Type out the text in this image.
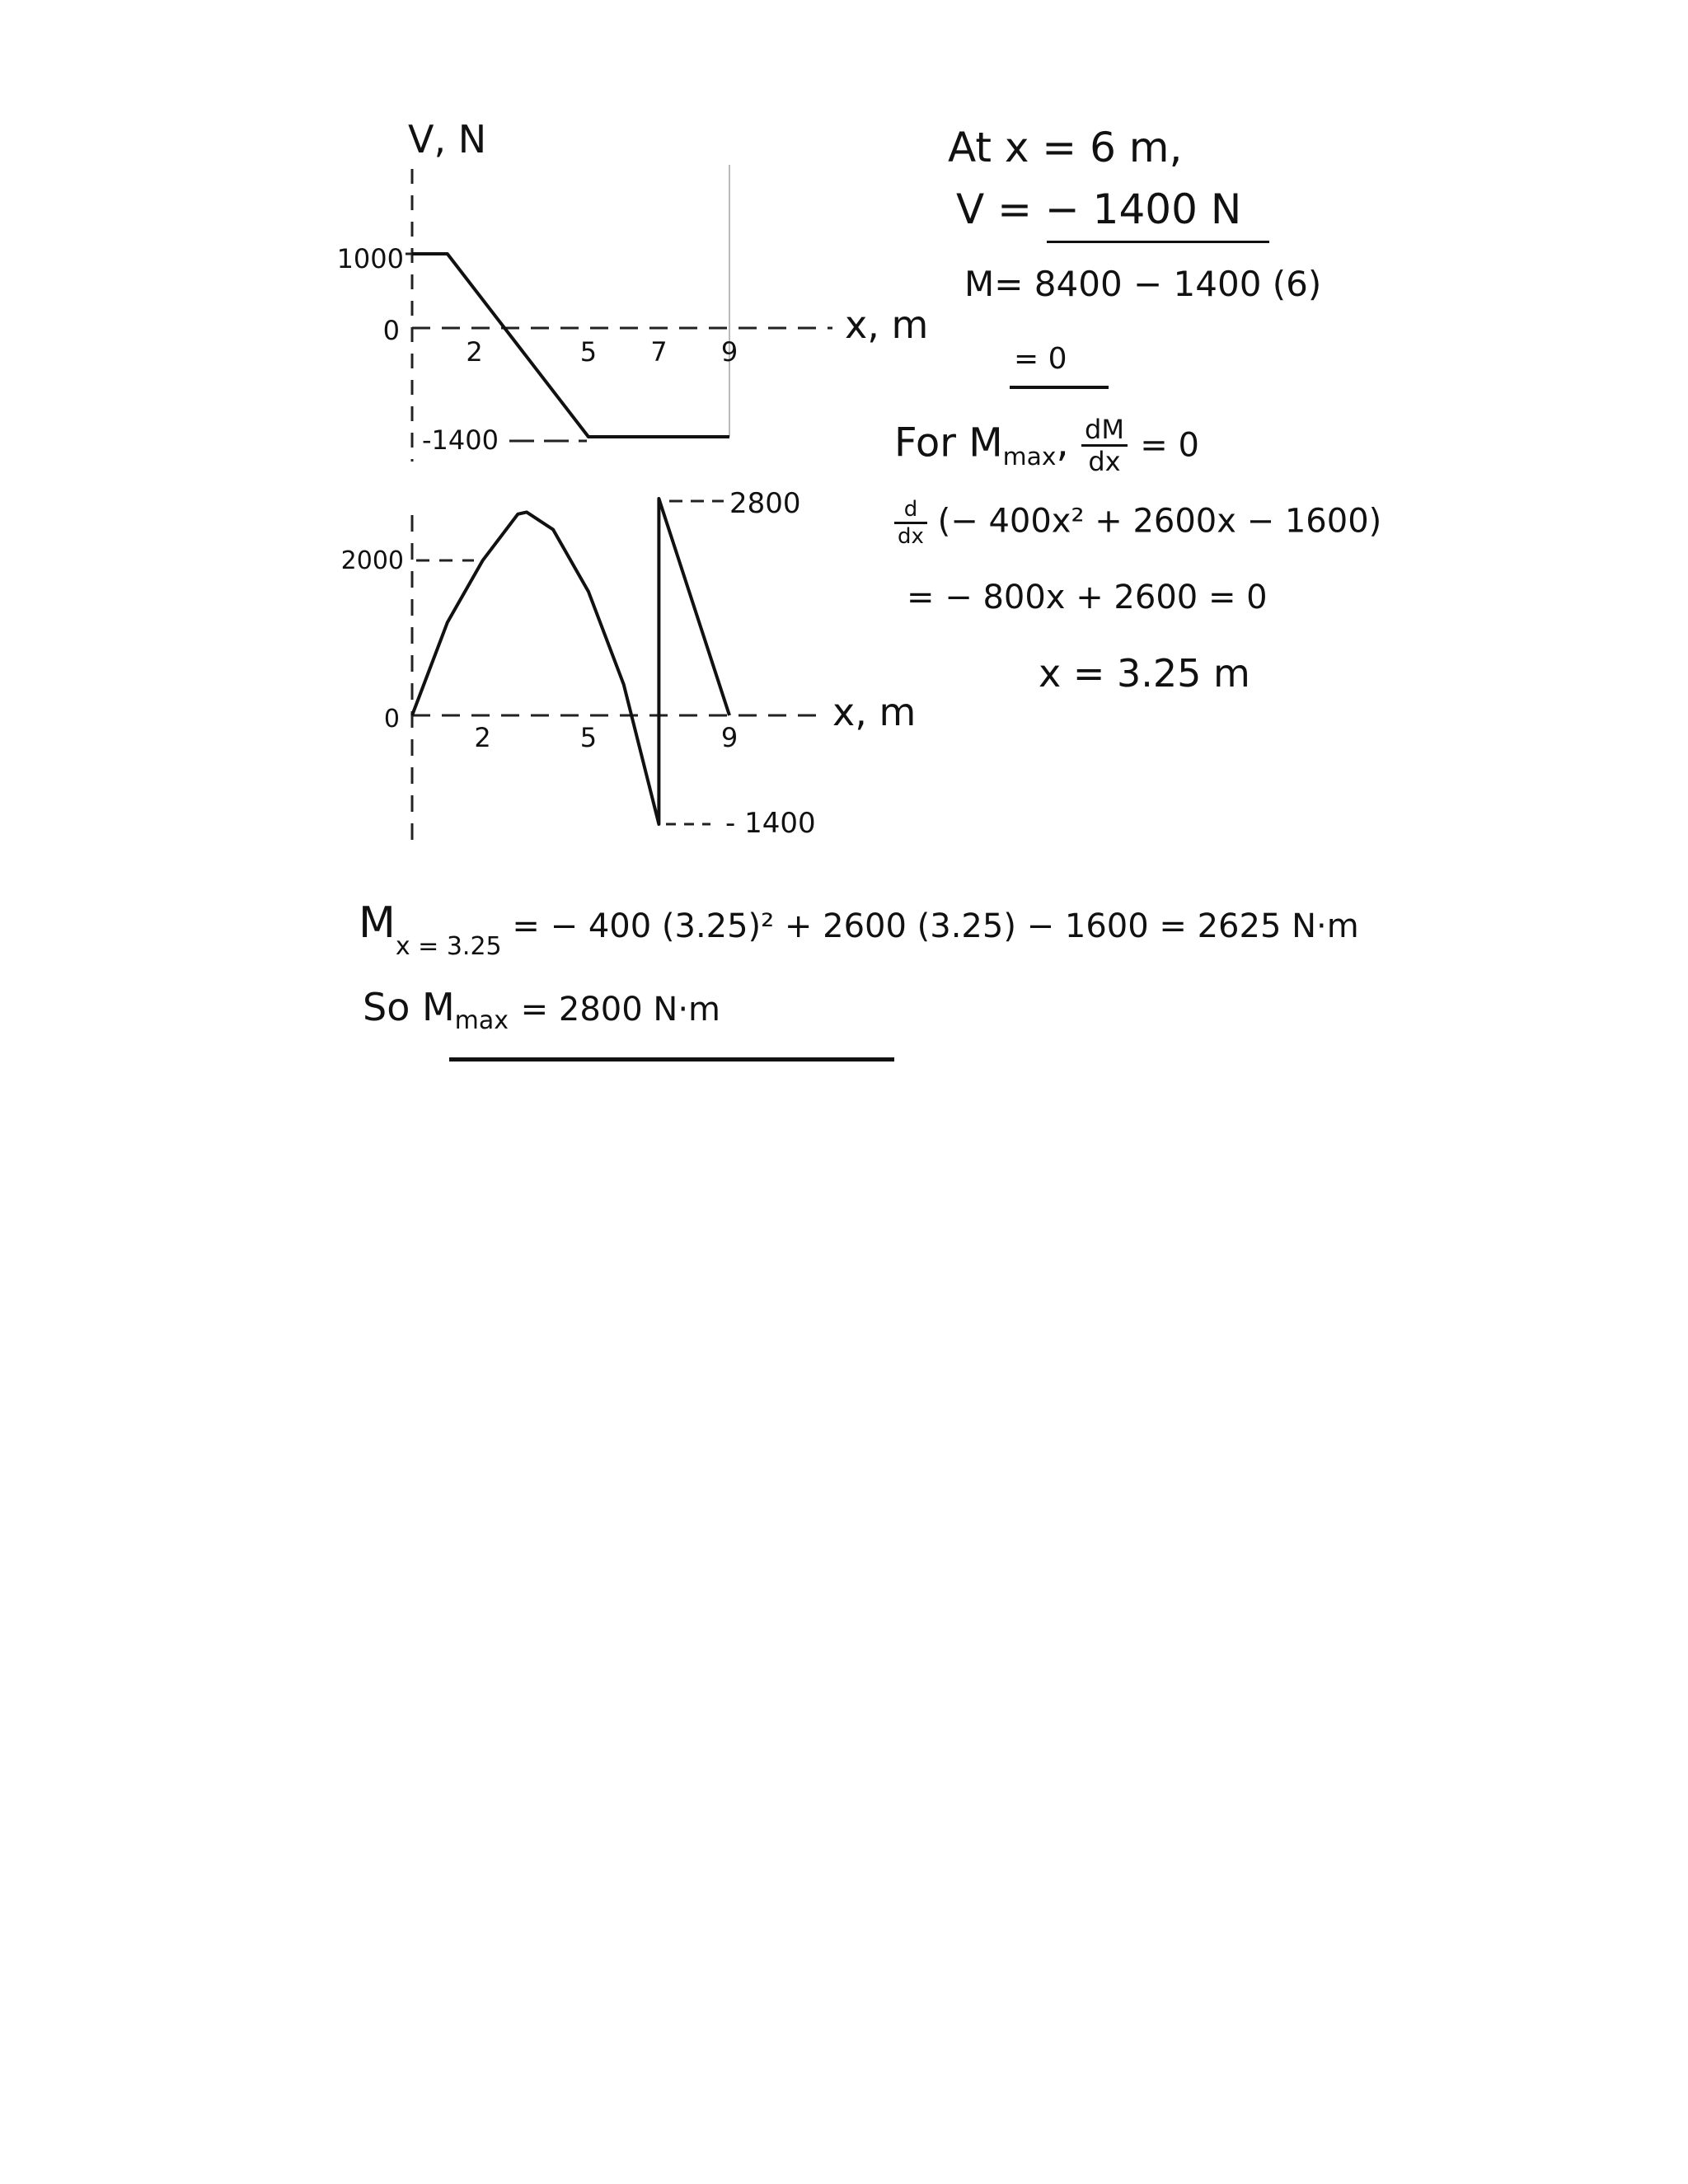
V, N
1000
0
-1400
2	5 7 9
x, m
2000
0
2	5	9
x, m
2800
- 1400
At x = 6 m,
V = − 1400 N
M= 8400 − 1400 (6)
= 0
For $M_{max}$, $\frac{dM}{dx} = 0$
$\frac{d}{dx}$ (− 400x² + 2600x − 1600)
= − 800x + 2600 = 0
x = 3.25 m
$M_{x = 3.25}$ = − 400 (3.25)² + 2600 (3.25) − 1600 = 2625 N·m
So $M_{max} = 2800$ N·m
